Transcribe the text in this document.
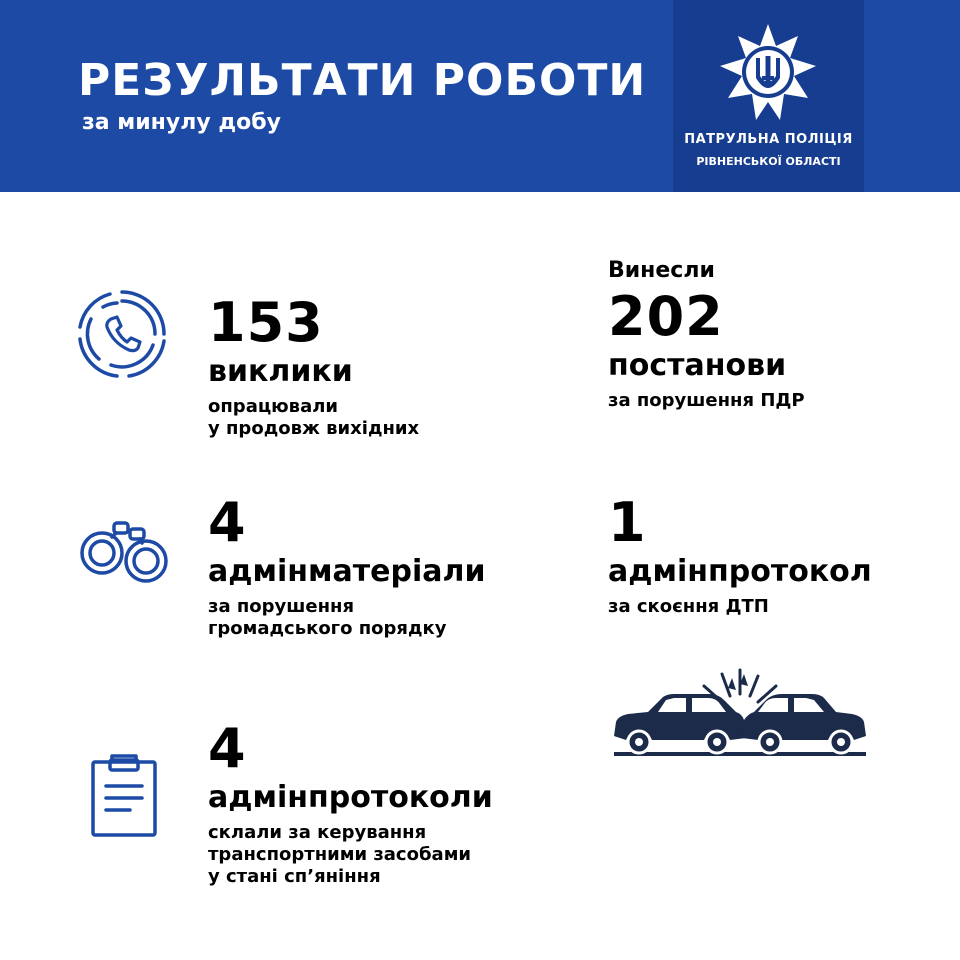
РЕЗУЛЬТАТИ РОБОТИ
за минулу добу
ПАТРУЛЬНА ПОЛІЦІЯ
РІВНЕНСЬКОЇ ОБЛАСТІ
153
виклики
опрацювали
у продовж вихідних
Винесли
202
постанови
за порушення ПДР
4
адмінматеріали
за порушення
громадського порядку
1
адмінпротокол
за скоєння ДТП
4
адмінпротоколи
склали за керування
транспортними засобами
у стані сп’яніння
